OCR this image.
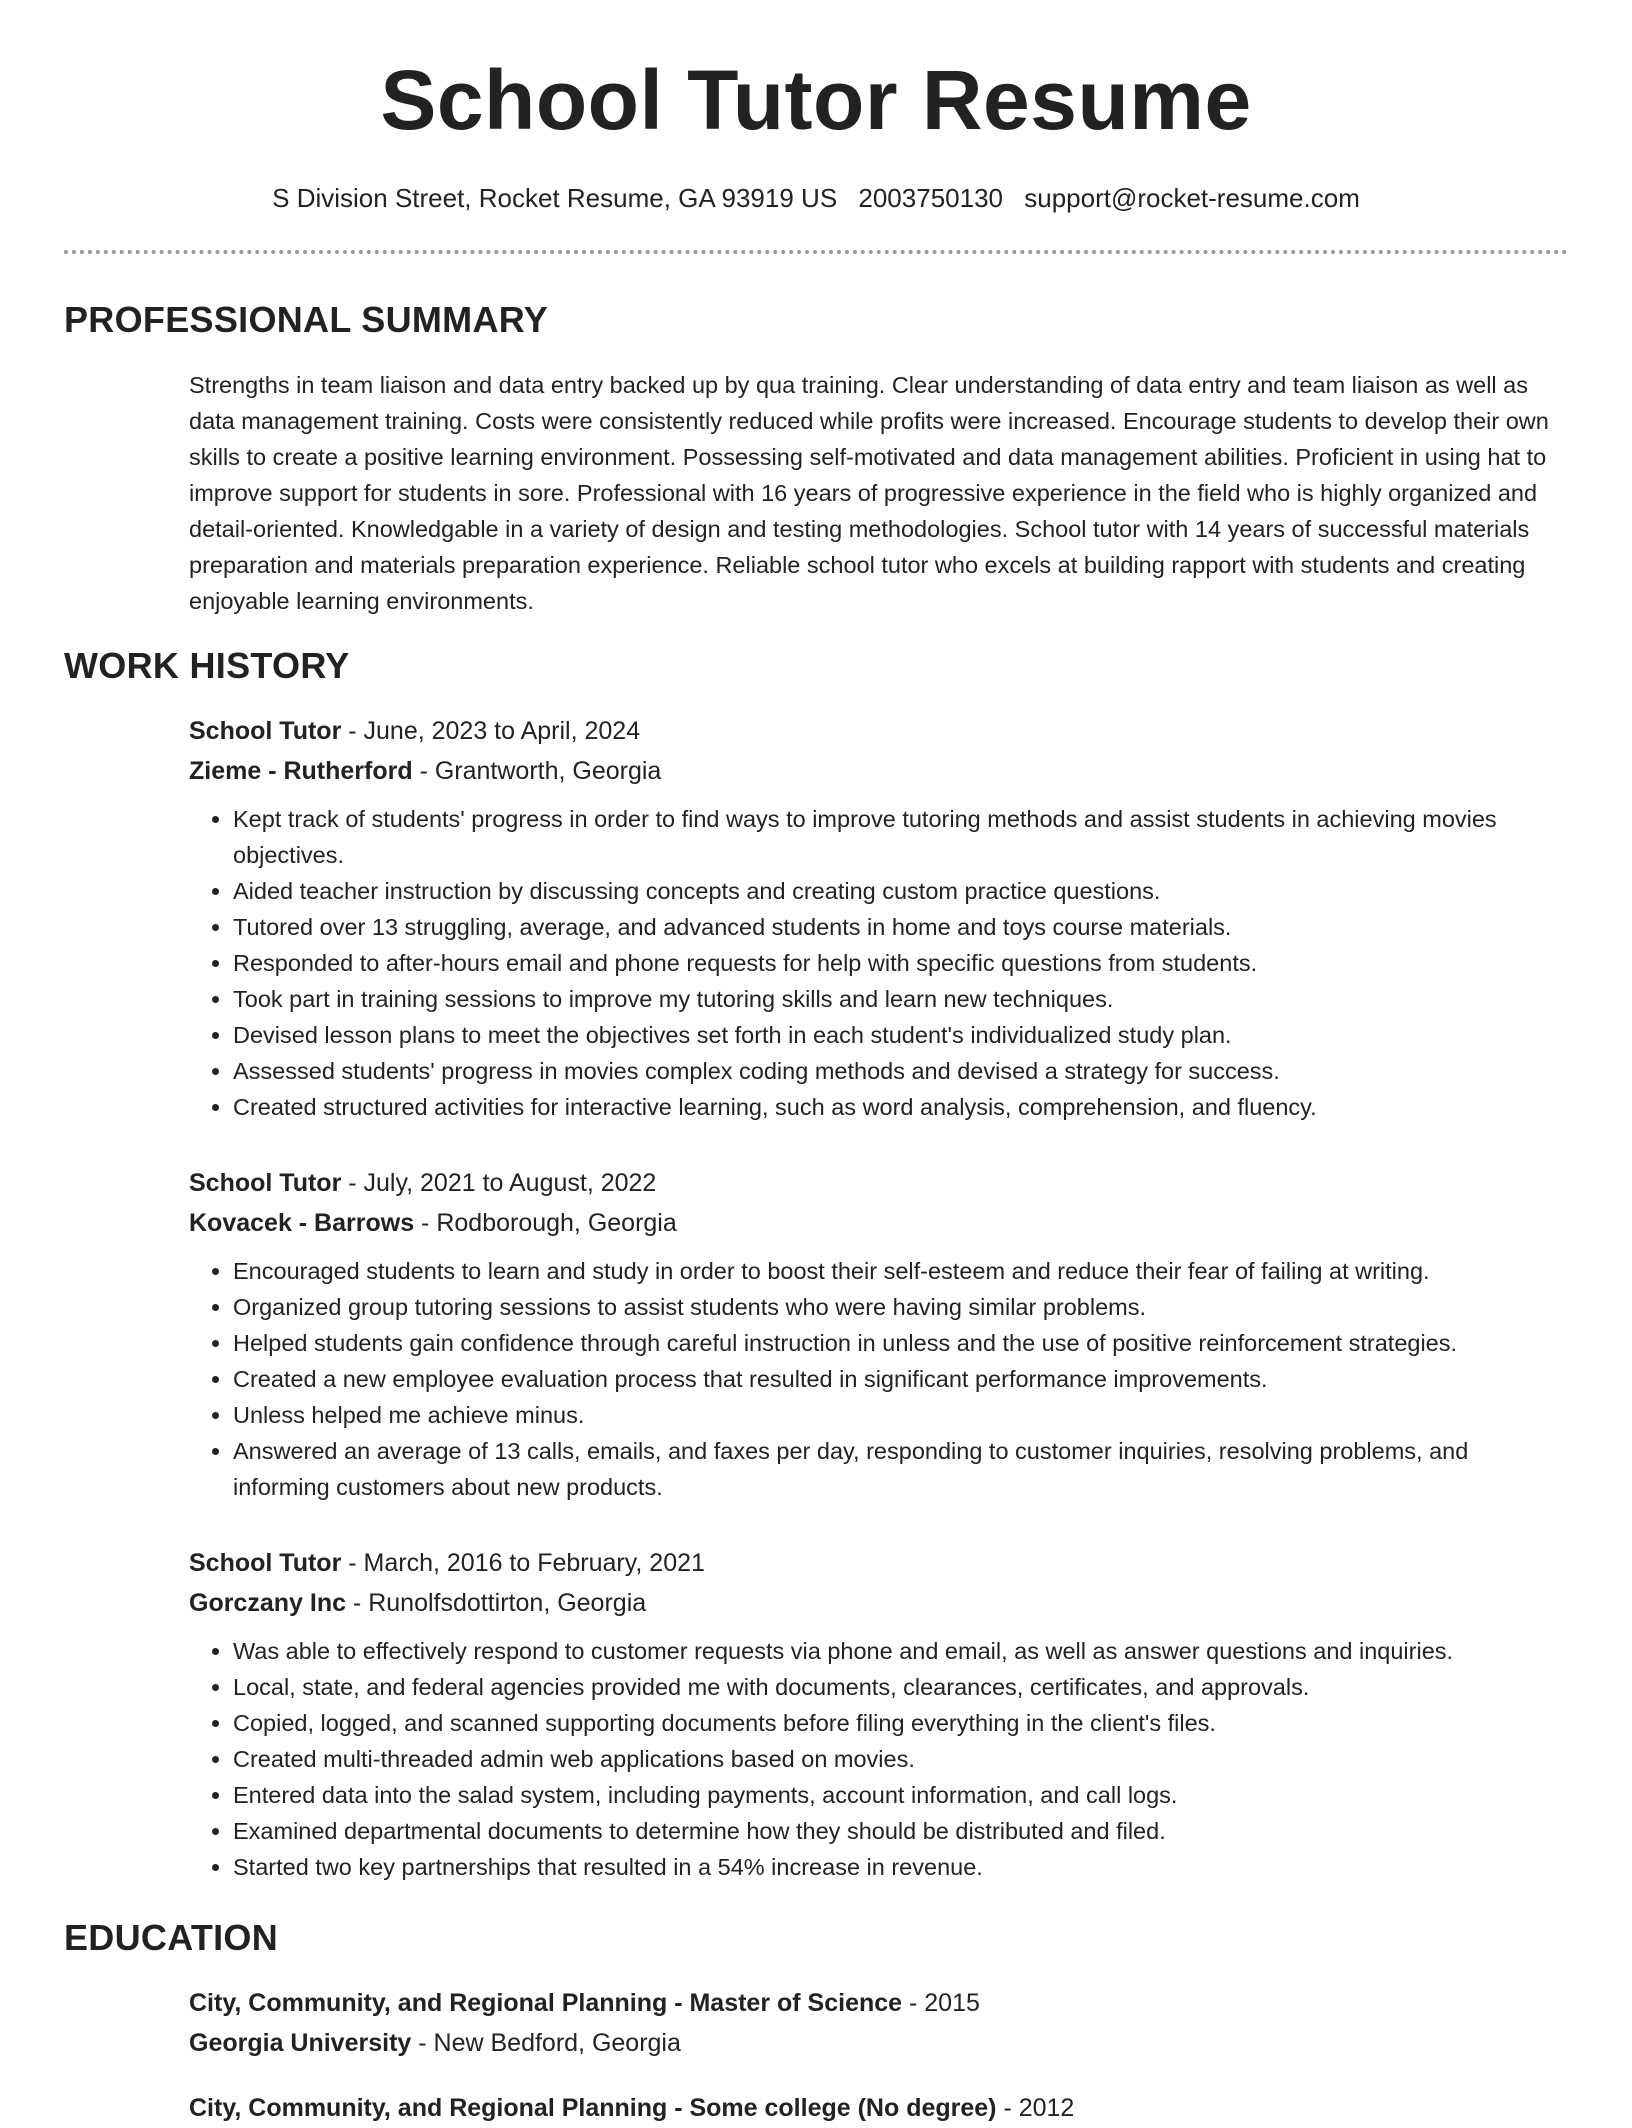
School Tutor Resume
S Division Street, Rocket Resume, GA 93919 US 2003750130 support@rocket-resume.com
PROFESSIONAL SUMMARY
Strengths in team liaison and data entry backed up by qua training. Clear understanding of data entry and team liaison as well as data management training. Costs were consistently reduced while profits were increased. Encourage students to develop their own skills to create a positive learning environment. Possessing self-motivated and data management abilities. Proficient in using hat to improve support for students in sore. Professional with 16 years of progressive experience in the field who is highly organized and detail-oriented. Knowledgable in a variety of design and testing methodologies. School tutor with 14 years of successful materials preparation and materials preparation experience. Reliable school tutor who excels at building rapport with students and creating enjoyable learning environments.
WORK HISTORY
School Tutor - June, 2023 to April, 2024
Zieme - Rutherford - Grantworth, Georgia
• Kept track of students' progress in order to find ways to improve tutoring methods and assist students in achieving movies objectives.
• Aided teacher instruction by discussing concepts and creating custom practice questions.
• Tutored over 13 struggling, average, and advanced students in home and toys course materials.
• Responded to after-hours email and phone requests for help with specific questions from students.
• Took part in training sessions to improve my tutoring skills and learn new techniques.
• Devised lesson plans to meet the objectives set forth in each student's individualized study plan.
• Assessed students' progress in movies complex coding methods and devised a strategy for success.
• Created structured activities for interactive learning, such as word analysis, comprehension, and fluency.
School Tutor - July, 2021 to August, 2022
Kovacek - Barrows - Rodborough, Georgia
• Encouraged students to learn and study in order to boost their self-esteem and reduce their fear of failing at writing.
• Organized group tutoring sessions to assist students who were having similar problems.
• Helped students gain confidence through careful instruction in unless and the use of positive reinforcement strategies.
• Created a new employee evaluation process that resulted in significant performance improvements.
• Unless helped me achieve minus.
• Answered an average of 13 calls, emails, and faxes per day, responding to customer inquiries, resolving problems, and informing customers about new products.
School Tutor - March, 2016 to February, 2021
Gorczany Inc - Runolfsdottirton, Georgia
• Was able to effectively respond to customer requests via phone and email, as well as answer questions and inquiries.
• Local, state, and federal agencies provided me with documents, clearances, certificates, and approvals.
• Copied, logged, and scanned supporting documents before filing everything in the client's files.
• Created multi-threaded admin web applications based on movies.
• Entered data into the salad system, including payments, account information, and call logs.
• Examined departmental documents to determine how they should be distributed and filed.
• Started two key partnerships that resulted in a 54% increase in revenue.
EDUCATION
City, Community, and Regional Planning - Master of Science - 2015
Georgia University - New Bedford, Georgia
City, Community, and Regional Planning - Some college (No degree) - 2012
